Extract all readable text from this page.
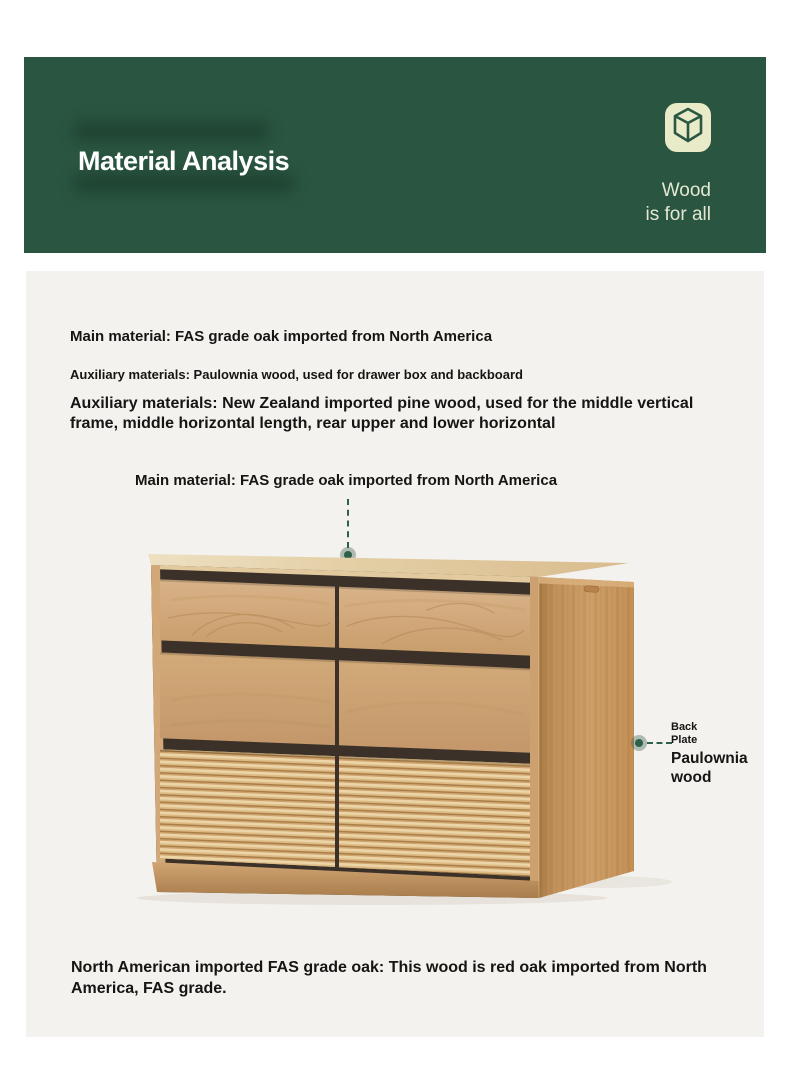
Material Analysis
Wood
is for all
Main material: FAS grade oak imported from North America
Auxiliary materials: Paulownia wood, used for drawer box and backboard
Auxiliary materials: New Zealand imported pine wood, used for the middle vertical frame, middle horizontal length, rear upper and lower horizontal
Main material: FAS grade oak imported from North America
Back Plate
Paulownia wood
North American imported FAS grade oak: This wood is red oak imported from North America, FAS grade.
